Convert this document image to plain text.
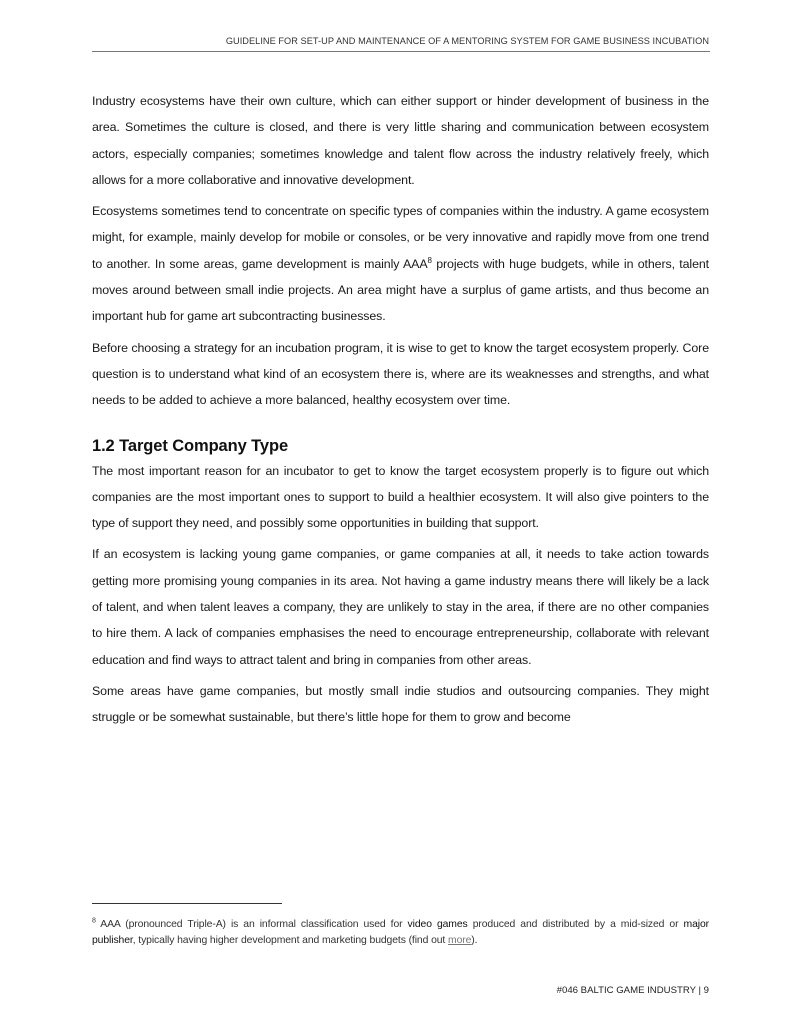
GUIDELINE FOR SET-UP AND MAINTENANCE OF A MENTORING SYSTEM FOR GAME BUSINESS INCUBATION

Industry ecosystems have their own culture, which can either support or hinder development of business in the area. Sometimes the culture is closed, and there is very little sharing and communication between ecosystem actors, especially companies; sometimes knowledge and talent flow across the industry relatively freely, which allows for a more collaborative and innovative development.

Ecosystems sometimes tend to concentrate on specific types of companies within the industry. A game ecosystem might, for example, mainly develop for mobile or consoles, or be very innovative and rapidly move from one trend to another. In some areas, game development is mainly AAA$^8$ projects with huge budgets, while in others, talent moves around between small indie projects. An area might have a surplus of game artists, and thus become an important hub for game art subcontracting businesses.

Before choosing a strategy for an incubation program, it is wise to get to know the target ecosystem properly. Core question is to understand what kind of an ecosystem there is, where are its weaknesses and strengths, and what needs to be added to achieve a more balanced, healthy ecosystem over time.

1.2 Target Company Type

The most important reason for an incubator to get to know the target ecosystem properly is to figure out which companies are the most important ones to support to build a healthier ecosystem. It will also give pointers to the type of support they need, and possibly some opportunities in building that support.

If an ecosystem is lacking young game companies, or game companies at all, it needs to take action towards getting more promising young companies in its area. Not having a game industry means there will likely be a lack of talent, and when talent leaves a company, they are unlikely to stay in the area, if there are no other companies to hire them. A lack of companies emphasises the need to encourage entrepreneurship, collaborate with relevant education and find ways to attract talent and bring in companies from other areas.

Some areas have game companies, but mostly small indie studios and outsourcing companies. They might struggle or be somewhat sustainable, but there’s little hope for them to grow and become

$^8$ AAA (pronounced Triple-A) is an informal classification used for video games produced and distributed by a mid-sized or major publisher, typically having higher development and marketing budgets (find out more).
#046 BALTIC GAME INDUSTRY | 9
